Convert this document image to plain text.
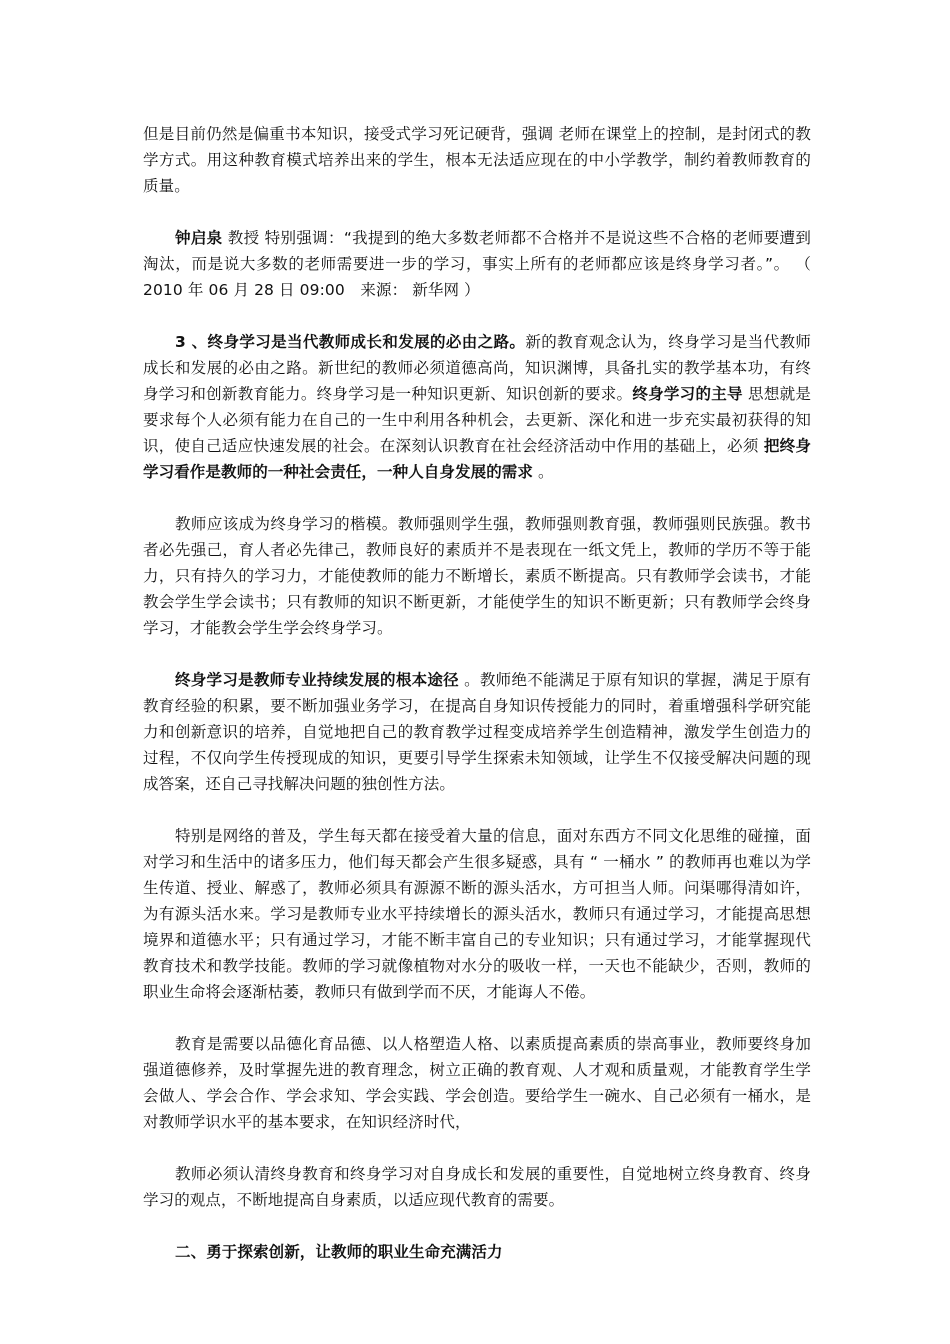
但是目前仍然是偏重书本知识，接受式学习死记硬背，强调 老师在课堂上的控制，是封闭式的教学方式。用这种教育模式培养出来的学生，根本无法适应现在的中小学教学，制约着教师教育的质量。

钟启泉 教授 特别强调：“我提到的绝大多数老师都不合格并不是说这些不合格的老师要遭到淘汰，而是说大多数的老师需要进一步的学习，事实上所有的老师都应该是终身学习者。”。 （ 2010 年 06 月 28 日 09:00　来源： 新华网 ）

3 、终身学习是当代教师成长和发展的必由之路。新的教育观念认为，终身学习是当代教师成长和发展的必由之路。新世纪的教师必须道德高尚，知识渊博，具备扎实的教学基本功，有终身学习和创新教育能力。终身学习是一种知识更新、知识创新的要求。终身学习的主导 思想就是要求每个人必须有能力在自己的一生中利用各种机会，去更新、深化和进一步充实最初获得的知识，使自己适应快速发展的社会。在深刻认识教育在社会经济活动中作用的基础上，必须 把终身学习看作是教师的一种社会责任，一种人自身发展的需求 。

教师应该成为终身学习的楷模。教师强则学生强，教师强则教育强，教师强则民族强。教书者必先强己，育人者必先律己，教师良好的素质并不是表现在一纸文凭上，教师的学历不等于能力，只有持久的学习力，才能使教师的能力不断增长，素质不断提高。只有教师学会读书，才能教会学生学会读书；只有教师的知识不断更新，才能使学生的知识不断更新；只有教师学会终身学习，才能教会学生学会终身学习。

终身学习是教师专业持续发展的根本途径 。教师绝不能满足于原有知识的掌握，满足于原有教育经验的积累，要不断加强业务学习，在提高自身知识传授能力的同时，着重增强科学研究能力和创新意识的培养，自觉地把自己的教育教学过程变成培养学生创造精神，激发学生创造力的过程，不仅向学生传授现成的知识，更要引导学生探索未知领域，让学生不仅接受解决问题的现成答案，还自己寻找解决问题的独创性方法。

特别是网络的普及，学生每天都在接受着大量的信息，面对东西方不同文化思维的碰撞，面对学习和生活中的诸多压力，他们每天都会产生很多疑惑，具有 “ 一桶水 ” 的教师再也难以为学生传道、授业、解惑了，教师必须具有源源不断的源头活水，方可担当人师。问渠哪得清如许，为有源头活水来。学习是教师专业水平持续增长的源头活水，教师只有通过学习，才能提高思想境界和道德水平；只有通过学习，才能不断丰富自己的专业知识；只有通过学习，才能掌握现代教育技术和教学技能。教师的学习就像植物对水分的吸收一样，一天也不能缺少，否则，教师的职业生命将会逐渐枯萎，教师只有做到学而不厌，才能诲人不倦。

教育是需要以品德化育品德、以人格塑造人格、以素质提高素质的崇高事业，教师要终身加强道德修养，及时掌握先进的教育理念，树立正确的教育观、人才观和质量观，才能教育学生学会做人、学会合作、学会求知、学会实践、学会创造。要给学生一碗水、自己必须有一桶水，是对教师学识水平的基本要求，在知识经济时代，

教师必须认清终身教育和终身学习对自身成长和发展的重要性，自觉地树立终身教育、终身学习的观点，不断地提高自身素质，以适应现代教育的需要。

二、勇于探索创新，让教师的职业生命充满活力
